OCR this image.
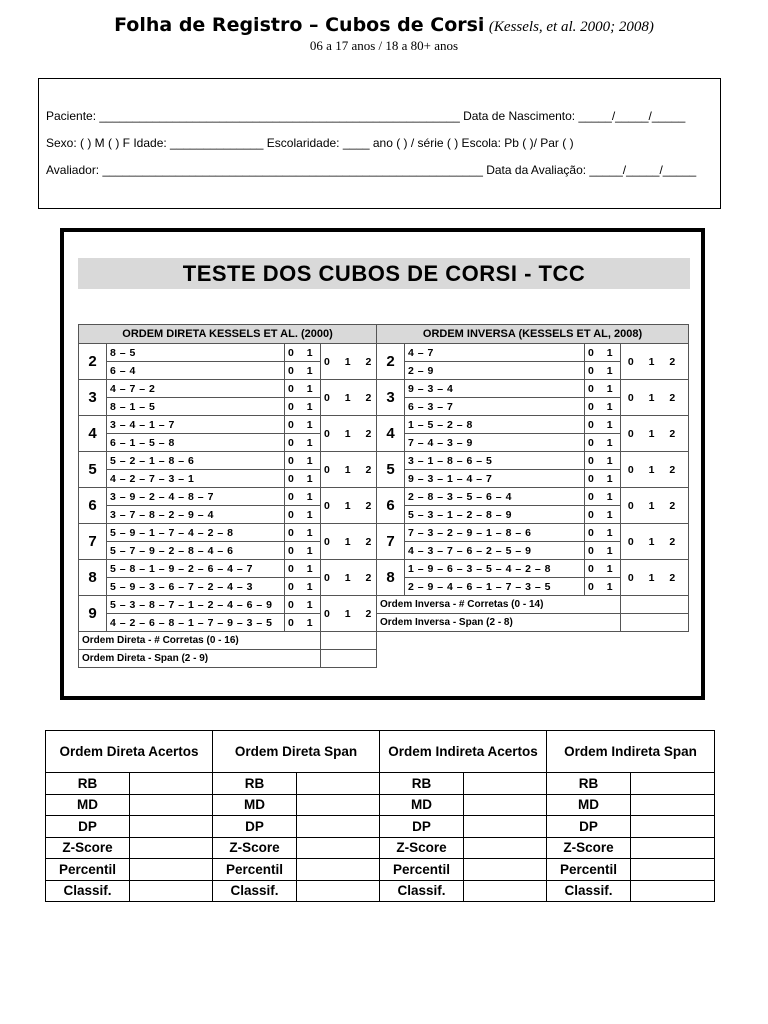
Folha de Registro – Cubos de Corsi (Kessels, et al. 2000; 2008)
06 a 17 anos / 18 a 80+ anos
Paciente: ______________________________________________________ Data de Nascimento: _____/_____/_____
Sexo: ( ) M ( ) F Idade: ______________ Escolaridade: ____ ano ( ) / série ( ) Escola: Pb ( )/ Par ( )
Avaliador: _________________________________________________________ Data da Avaliação: _____/_____/_____
TESTE DOS CUBOS DE CORSI - TCC
ORDEM DIRETA KESSELS ET AL. (2000)			
2	8 – 5	0 1	0 1 2
	6 – 4	0 1	
3	4 – 7 – 2	0 1	0 1 2
	8 – 1 – 5	0 1	
4	3 – 4 – 1 – 7	0 1	0 1 2
	6 – 1 – 5 – 8	0 1	
5	5 – 2 – 1 – 8 – 6	0 1	0 1 2
	4 – 2 – 7 – 3 – 1	0 1	
6	3 – 9 – 2 – 4 – 8 – 7	0 1	0 1 2
	3 – 7 – 8 – 2 – 9 – 4	0 1	
7	5 – 9 – 1 – 7 – 4 – 2 – 8	0 1	0 1 2
	5 – 7 – 9 – 2 – 8 – 4 – 6	0 1	
8	5 – 8 – 1 – 9 – 2 – 6 – 4 – 7	0 1	0 1 2
	5 – 9 – 3 – 6 – 7 – 2 – 4 – 3	0 1	
9	5 – 3 – 8 – 7 – 1 – 2 – 4 – 6 – 9	0 1	0 1 2
	4 – 2 – 6 – 8 – 1 – 7 – 9 – 3 – 5	0 1	
Ordem Direta - # Corretas (0 - 16)			
Ordem Direta - Span (2 - 9)			
ORDEM INVERSA (KESSELS ET AL, 2008)			
2	4 – 7	0 1	0 1 2
	2 – 9	0 1	
3	9 – 3 – 4	0 1	0 1 2
	6 – 3 – 7	0 1	
4	1 – 5 – 2 – 8	0 1	0 1 2
	7 – 4 – 3 – 9	0 1	
5	3 – 1 – 8 – 6 – 5	0 1	0 1 2
	9 – 3 – 1 – 4 – 7	0 1	
6	2 – 8 – 3 – 5 – 6 – 4	0 1	0 1 2
	5 – 3 – 1 – 2 – 8 – 9	0 1	
7	7 – 3 – 2 – 9 – 1 – 8 – 6	0 1	0 1 2
	4 – 3 – 7 – 6 – 2 – 5 – 9	0 1	
8	1 – 9 – 6 – 3 – 5 – 4 – 2 – 8	0 1	0 1 2
	2 – 9 – 4 – 6 – 1 – 7 – 3 – 5	0 1	
Ordem Inversa - # Corretas (0 - 14)			
Ordem Inversa - Span (2 - 8)			
Ordem Direta Acertos		Ordem Direta Span		Ordem Indireta Acertos		Ordem Indireta Span	
RB		RB		RB		RB	
MD		MD		MD		MD	
DP		DP		DP		DP	
Z-Score		Z-Score		Z-Score		Z-Score	
Percentil		Percentil		Percentil		Percentil	
Classif.		Classif.		Classif.		Classif.	
